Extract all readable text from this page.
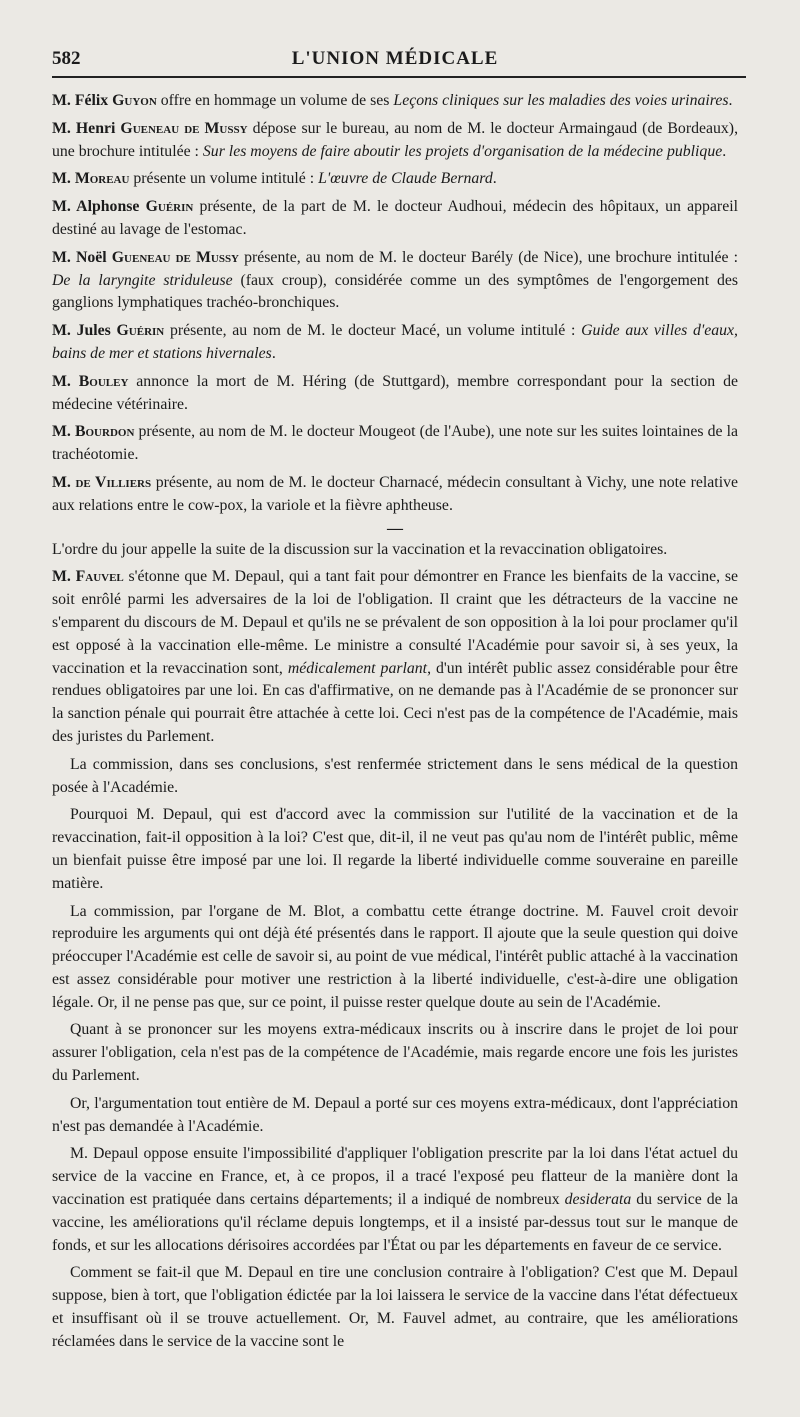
582	L'UNION MÉDICALE

M. Félix Guyon offre en hommage un volume de ses Leçons cliniques sur les maladies des voies urinaires.

M. Henri Gueneau de Mussy dépose sur le bureau, au nom de M. le docteur Armaingaud (de Bordeaux), une brochure intitulée : Sur les moyens de faire aboutir les projets d'organisation de la médecine publique.

M. Moreau présente un volume intitulé : L'œuvre de Claude Bernard.

M. Alphonse Guérin présente, de la part de M. le docteur Audhoui, médecin des hôpitaux, un appareil destiné au lavage de l'estomac.

M. Noël Gueneau de Mussy présente, au nom de M. le docteur Barély (de Nice), une brochure intitulée : De la laryngite striduleuse (faux croup), considérée comme un des symptômes de l'engorgement des ganglions lymphatiques trachéo-bronchiques.

M. Jules Guérin présente, au nom de M. le docteur Macé, un volume intitulé : Guide aux villes d'eaux, bains de mer et stations hivernales.

M. Bouley annonce la mort de M. Héring (de Stuttgard), membre correspondant pour la section de médecine vétérinaire.

M. Bourdon présente, au nom de M. le docteur Mougeot (de l'Aube), une note sur les suites lointaines de la trachéotomie.

M. de Villiers présente, au nom de M. le docteur Charnacé, médecin consultant à Vichy, une note relative aux relations entre le cow-pox, la variole et la fièvre aphtheuse.

—

L'ordre du jour appelle la suite de la discussion sur la vaccination et la revaccination obligatoires.

M. Fauvel s'étonne que M. Depaul, qui a tant fait pour démontrer en France les bienfaits de la vaccine, se soit enrôlé parmi les adversaires de la loi de l'obligation. Il craint que les détracteurs de la vaccine ne s'emparent du discours de M. Depaul et qu'ils ne se prévalent de son opposition à la loi pour proclamer qu'il est opposé à la vaccination elle-même. Le ministre a consulté l'Académie pour savoir si, à ses yeux, la vaccination et la revaccination sont, médicalement parlant, d'un intérêt public assez considérable pour être rendues obligatoires par une loi. En cas d'affirmative, on ne demande pas à l'Académie de se prononcer sur la sanction pénale qui pourrait être attachée à cette loi. Ceci n'est pas de la compétence de l'Académie, mais des juristes du Parlement.

La commission, dans ses conclusions, s'est renfermée strictement dans le sens médical de la question posée à l'Académie.

Pourquoi M. Depaul, qui est d'accord avec la commission sur l'utilité de la vaccination et de la revaccination, fait-il opposition à la loi? C'est que, dit-il, il ne veut pas qu'au nom de l'intérêt public, même un bienfait puisse être imposé par une loi. Il regarde la liberté individuelle comme souveraine en pareille matière.

La commission, par l'organe de M. Blot, a combattu cette étrange doctrine. M. Fauvel croit devoir reproduire les arguments qui ont déjà été présentés dans le rapport. Il ajoute que la seule question qui doive préoccuper l'Académie est celle de savoir si, au point de vue médical, l'intérêt public attaché à la vaccination est assez considérable pour motiver une restriction à la liberté individuelle, c'est-à-dire une obligation légale. Or, il ne pense pas que, sur ce point, il puisse rester quelque doute au sein de l'Académie.

Quant à se prononcer sur les moyens extra-médicaux inscrits ou à inscrire dans le projet de loi pour assurer l'obligation, cela n'est pas de la compétence de l'Académie, mais regarde encore une fois les juristes du Parlement.

Or, l'argumentation tout entière de M. Depaul a porté sur ces moyens extra-médicaux, dont l'appréciation n'est pas demandée à l'Académie.

M. Depaul oppose ensuite l'impossibilité d'appliquer l'obligation prescrite par la loi dans l'état actuel du service de la vaccine en France, et, à ce propos, il a tracé l'exposé peu flatteur de la manière dont la vaccination est pratiquée dans certains départements; il a indiqué de nombreux desiderata du service de la vaccine, les améliorations qu'il réclame depuis longtemps, et il a insisté par-dessus tout sur le manque de fonds, et sur les allocations dérisoires accordées par l'État ou par les départements en faveur de ce service.

Comment se fait-il que M. Depaul en tire une conclusion contraire à l'obligation? C'est que M. Depaul suppose, bien à tort, que l'obligation édictée par la loi laissera le service de la vaccine dans l'état défectueux et insuffisant où il se trouve actuellement. Or, M. Fauvel admet, au contraire, que les améliorations réclamées dans le service de la vaccine sont le
